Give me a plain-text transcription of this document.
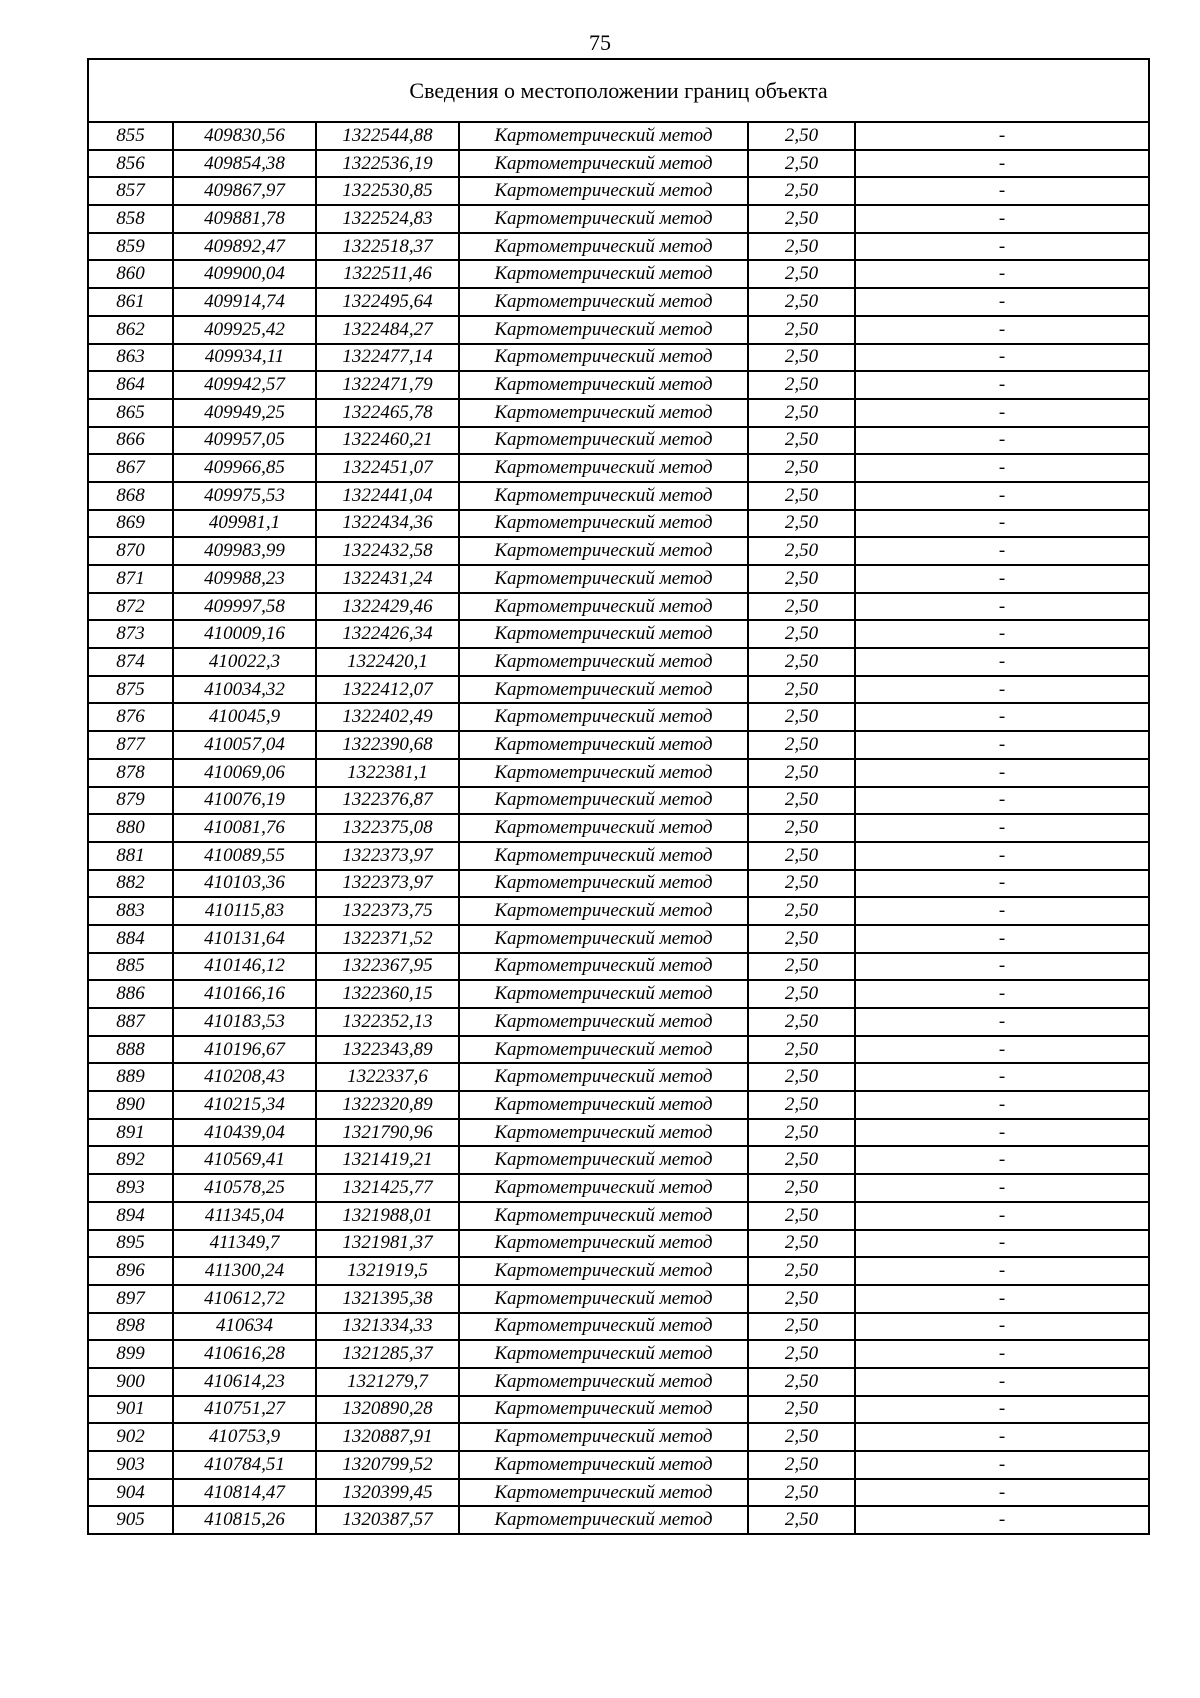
75
Сведения о местоположении границ объекта					
855	409830,56	1322544,88	Картометрический метод	2,50	-
856	409854,38	1322536,19	Картометрический метод	2,50	-
857	409867,97	1322530,85	Картометрический метод	2,50	-
858	409881,78	1322524,83	Картометрический метод	2,50	-
859	409892,47	1322518,37	Картометрический метод	2,50	-
860	409900,04	1322511,46	Картометрический метод	2,50	-
861	409914,74	1322495,64	Картометрический метод	2,50	-
862	409925,42	1322484,27	Картометрический метод	2,50	-
863	409934,11	1322477,14	Картометрический метод	2,50	-
864	409942,57	1322471,79	Картометрический метод	2,50	-
865	409949,25	1322465,78	Картометрический метод	2,50	-
866	409957,05	1322460,21	Картометрический метод	2,50	-
867	409966,85	1322451,07	Картометрический метод	2,50	-
868	409975,53	1322441,04	Картометрический метод	2,50	-
869	409981,1	1322434,36	Картометрический метод	2,50	-
870	409983,99	1322432,58	Картометрический метод	2,50	-
871	409988,23	1322431,24	Картометрический метод	2,50	-
872	409997,58	1322429,46	Картометрический метод	2,50	-
873	410009,16	1322426,34	Картометрический метод	2,50	-
874	410022,3	1322420,1	Картометрический метод	2,50	-
875	410034,32	1322412,07	Картометрический метод	2,50	-
876	410045,9	1322402,49	Картометрический метод	2,50	-
877	410057,04	1322390,68	Картометрический метод	2,50	-
878	410069,06	1322381,1	Картометрический метод	2,50	-
879	410076,19	1322376,87	Картометрический метод	2,50	-
880	410081,76	1322375,08	Картометрический метод	2,50	-
881	410089,55	1322373,97	Картометрический метод	2,50	-
882	410103,36	1322373,97	Картометрический метод	2,50	-
883	410115,83	1322373,75	Картометрический метод	2,50	-
884	410131,64	1322371,52	Картометрический метод	2,50	-
885	410146,12	1322367,95	Картометрический метод	2,50	-
886	410166,16	1322360,15	Картометрический метод	2,50	-
887	410183,53	1322352,13	Картометрический метод	2,50	-
888	410196,67	1322343,89	Картометрический метод	2,50	-
889	410208,43	1322337,6	Картометрический метод	2,50	-
890	410215,34	1322320,89	Картометрический метод	2,50	-
891	410439,04	1321790,96	Картометрический метод	2,50	-
892	410569,41	1321419,21	Картометрический метод	2,50	-
893	410578,25	1321425,77	Картометрический метод	2,50	-
894	411345,04	1321988,01	Картометрический метод	2,50	-
895	411349,7	1321981,37	Картометрический метод	2,50	-
896	411300,24	1321919,5	Картометрический метод	2,50	-
897	410612,72	1321395,38	Картометрический метод	2,50	-
898	410634	1321334,33	Картометрический метод	2,50	-
899	410616,28	1321285,37	Картометрический метод	2,50	-
900	410614,23	1321279,7	Картометрический метод	2,50	-
901	410751,27	1320890,28	Картометрический метод	2,50	-
902	410753,9	1320887,91	Картометрический метод	2,50	-
903	410784,51	1320799,52	Картометрический метод	2,50	-
904	410814,47	1320399,45	Картометрический метод	2,50	-
905	410815,26	1320387,57	Картометрический метод	2,50	-
